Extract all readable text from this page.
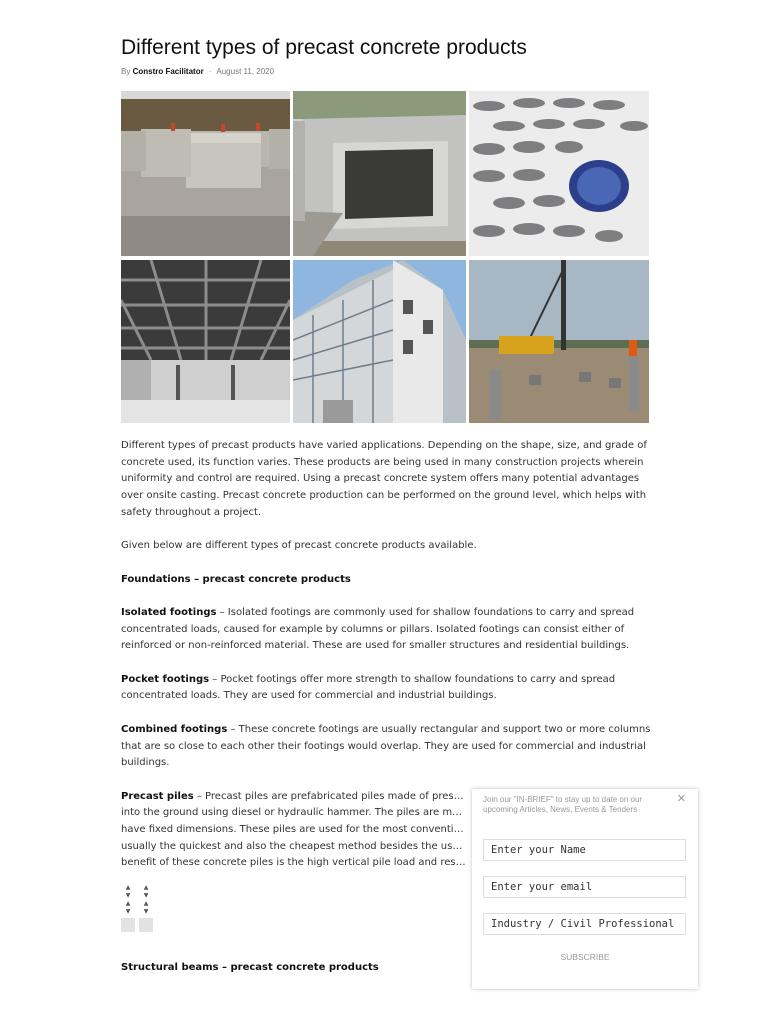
Different types of precast concrete products
By Constro Facilitator - August 11, 2020

Different types of precast products have varied applications. Depending on the shape, size, and grade of concrete used, its function varies. These products are being used in many construction projects wherein uniformity and control are required. Using a precast concrete system offers many potential advantages over onsite casting. Precast concrete production can be performed on the ground level, which helps with safety throughout a project.

Given below are different types of precast concrete products available.

Foundations – precast concrete products

Isolated footings – Isolated footings are commonly used for shallow foundations to carry and spread concentrated loads, caused for example by columns or pillars. Isolated footings can consist either of reinforced or non-reinforced material. These are used for smaller structures and residential buildings.

Pocket footings – Pocket footings offer more strength to shallow foundations to carry and spread concentrated loads. They are used for commercial and industrial buildings.

Combined footings – These concrete footings are usually rectangular and support two or more columns that are so close to each other their footings would overlap. They are used for commercial and industrial buildings.

Precast piles – Precast piles are prefabricated piles made of pres… into the ground using diesel or hydraulic hammer. The piles are m… have fixed dimensions. These piles are used for the most conventi… usually the quickest and also the cheapest method besides the us… benefit of these concrete piles is the high vertical pile load and res…

▲
▼
▲
▼
▲
▼
▲
▼
Structural beams – precast concrete products
Join our "IN-BRIEF" to stay up to date on our upcoming Articles, News, Events & Tenders
✕
Enter your Name
Enter your email
Industry / Civil Professional
SUBSCRIBE
